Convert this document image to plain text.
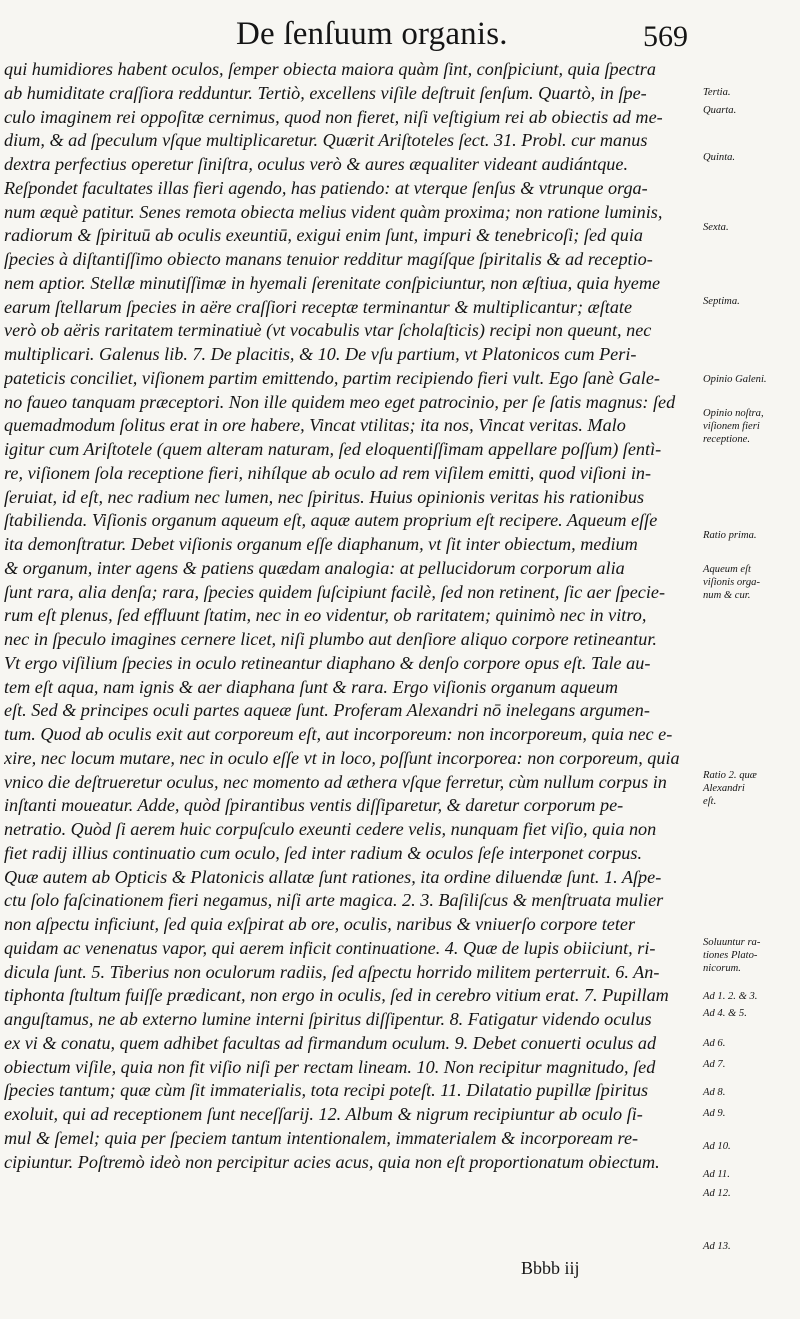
De ſenſuum organis.	569
qui humidiores habent oculos, ſemper obiecta maiora quàm ſint, conſpiciunt, quia ſpectra
ab humiditate craſſiora redduntur. Tertiò, excellens viſile deſtruit ſenſum. Quartò, in ſpe-
culo imaginem rei oppoſitæ cernimus, quod non fieret, niſi veſtigium rei ab obiectis ad me-
dium, & ad ſpeculum vſque multiplicaretur. Quærit Ariſtoteles ſect. 31. Probl. cur manus
dextra perfectius operetur ſiniſtra, oculus verò & aures æqualiter videant audiántque.
Reſpondet facultates illas fieri agendo, has patiendo: at vterque ſenſus & vtrunque orga-
num æquè patitur. Senes remota obiecta melius vident quàm proxima; non ratione luminis,
radiorum & ſpirituū ab oculis exeuntiū, exigui enim ſunt, impuri & tenebricoſi; ſed quia
ſpecies à diſtantiſſimo obiecto manans tenuior redditur magíſque ſpiritalis & ad receptio-
nem aptior. Stellæ minutiſſimæ in hyemali ſerenitate conſpiciuntur, non æſtiua, quia hyeme
earum ſtellarum ſpecies in aëre craſſiori receptæ terminantur & multiplicantur; æſtate
verò ob aëris raritatem terminatiuè (vt vocabulis vtar ſcholaſticis) recipi non queunt, nec
multiplicari. Galenus lib. 7. De placitis, & 10. De vſu partium, vt Platonicos cum Peri-
pateticis conciliet, viſionem partim emittendo, partim recipiendo fieri vult. Ego ſanè Gale-
no faueo tanquam præceptori. Non ille quidem meo eget patrocinio, per ſe ſatis magnus: ſed
quemadmodum ſolitus erat in ore habere, Vincat vtilitas; ita nos, Vincat veritas. Malo
igitur cum Ariſtotele (quem alteram naturam, ſed eloquentiſſimam appellare poſſum) ſentì-
re, viſionem ſola receptione fieri, nihílque ab oculo ad rem viſilem emitti, quod viſioni in-
ſeruiat, id eſt, nec radium nec lumen, nec ſpiritus. Huius opinionis veritas his rationibus
ſtabilienda. Viſionis organum aqueum eſt, aquæ autem proprium eſt recipere. Aqueum eſſe
ita demonſtratur. Debet viſionis organum eſſe diaphanum, vt ſit inter obiectum, medium
& organum, inter agens & patiens quædam analogia: at pellucidorum corporum alia
ſunt rara, alia denſa; rara, ſpecies quidem ſuſcipiunt facilè, ſed non retinent, ſic aer ſpecie-
rum eſt plenus, ſed effluunt ſtatim, nec in eo videntur, ob raritatem; quinimò nec in vitro,
nec in ſpeculo imagines cernere licet, niſi plumbo aut denſiore aliquo corpore retineantur.
Vt ergo viſilium ſpecies in oculo retineantur diaphano & denſo corpore opus eſt. Tale au-
tem eſt aqua, nam ignis & aer diaphana ſunt & rara. Ergo viſionis organum aqueum
eſt. Sed & principes oculi partes aqueæ ſunt. Proferam Alexandri nō inelegans argumen-
tum. Quod ab oculis exit aut corporeum eſt, aut incorporeum: non incorporeum, quia nec e-
xire, nec locum mutare, nec in oculo eſſe vt in loco, poſſunt incorporea: non corporeum, quia
vnico die deſtrueretur oculus, nec momento ad æthera vſque ferretur, cùm nullum corpus in
inſtanti moueatur. Adde, quòd ſpirantibus ventis diſſiparetur, & daretur corporum pe-
netratio. Quòd ſi aerem huic corpuſculo exeunti cedere velis, nunquam fiet viſio, quia non
fiet radij illius continuatio cum oculo, ſed inter radium & oculos ſeſe interponet corpus.
Quæ autem ab Opticis & Platonicis allatæ ſunt rationes, ita ordine diluendæ ſunt. 1. Aſpe-
ctu ſolo faſcinationem fieri negamus, niſi arte magica. 2. 3. Baſiliſcus & menſtruata mulier
non aſpectu inficiunt, ſed quia exſpirat ab ore, oculis, naribus & vniuerſo corpore teter
quidam ac venenatus vapor, qui aerem inficit continuatione. 4. Quæ de lupis obiiciunt, ri-
dicula ſunt. 5. Tiberius non oculorum radiis, ſed aſpectu horrido militem perterruit. 6. An-
tiphonta ſtultum fuiſſe prædicant, non ergo in oculis, ſed in cerebro vitium erat. 7. Pupillam
anguſtamus, ne ab externo lumine interni ſpiritus diſſipentur. 8. Fatigatur videndo oculus
ex vi & conatu, quem adhibet facultas ad firmandum oculum. 9. Debet conuerti oculus ad
obiectum viſile, quia non fit viſio niſi per rectam lineam. 10. Non recipitur magnitudo, ſed
ſpecies tantum; quæ cùm ſit immaterialis, tota recipi poteſt. 11. Dilatatio pupillæ ſpiritus
exoluit, qui ad receptionem ſunt neceſſarij. 12. Album & nigrum recipiuntur ab oculo ſi-
mul & ſemel; quia per ſpeciem tantum intentionalem, immaterialem & incorpoream re-
cipiuntur. Poſtremò ideò non percipitur acies acus, quia non eſt proportionatum obiectum.
Tertia.
Quarta.
Quinta.
Sexta.
Septima.
Opinio Galeni.
Opinio noſtra,
viſionem fieri
receptione.
Ratio prima.
Aqueum eſt
viſionis orga-
num & cur.
Ratio 2. quæ
Alexandri
eſt.
Soluuntur ra-
tiones Plato-
nicorum.
Ad 1. 2. & 3.
Ad 4. & 5.
Ad 6.
Ad 7.
Ad 8.
Ad 9.
Ad 10.
Ad 11.
Ad 12.
Ad 13.
Bbbb iij
